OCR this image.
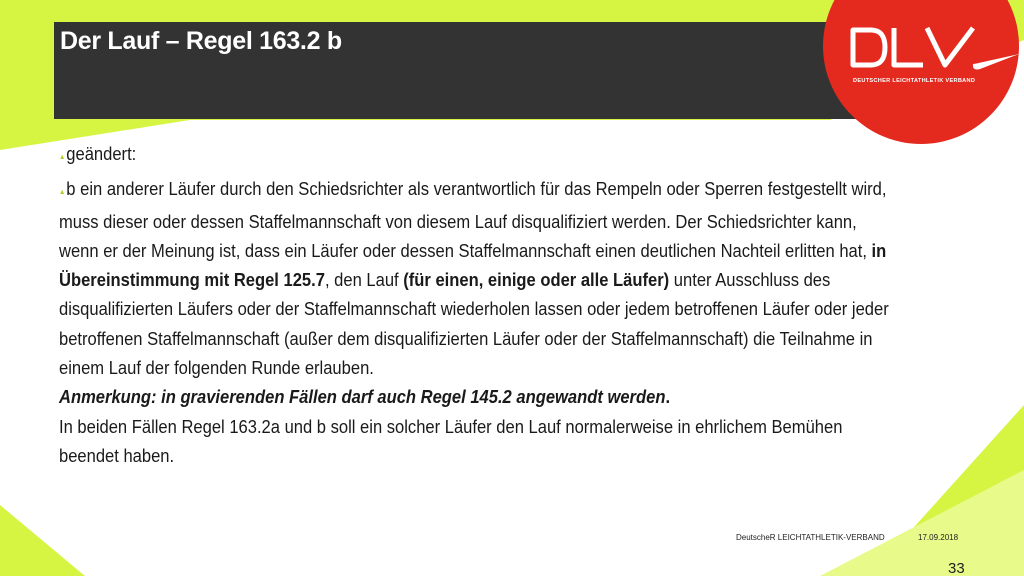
Der Lauf – Regel 163.2 b
DEUTSCHER LEICHTATHLETIK VERBAND

▲geändert:

▲b ein anderer Läufer durch den Schiedsrichter als verantwortlich für das Rempeln oder Sperren festgestellt wird, muss dieser oder dessen Staffelmannschaft von diesem Lauf disqualifiziert werden. Der Schiedsrichter kann, wenn er der Meinung ist, dass ein Läufer oder dessen Staffelmannschaft einen deutlichen Nachteil erlitten hat, in Übereinstimmung mit Regel 125.7, den Lauf (für einen, einige oder alle Läufer) unter Ausschluss des disqualifizierten Läufers oder der Staffelmannschaft wiederholen lassen oder jedem betroffenen Läufer oder jeder betroffenen Staffelmannschaft (außer dem disqualifizierten Läufer oder der Staffelmannschaft) die Teilnahme in einem Lauf der folgenden Runde erlauben.

Anmerkung: in gravierenden Fällen darf auch Regel 145.2 angewandt werden.

In beiden Fällen Regel 163.2a und b soll ein solcher Läufer den Lauf normalerweise in ehrlichem Bemühen beendet haben.

DeutscheR LEICHTATHLETIK-VERBAND	17.09.2018
33
